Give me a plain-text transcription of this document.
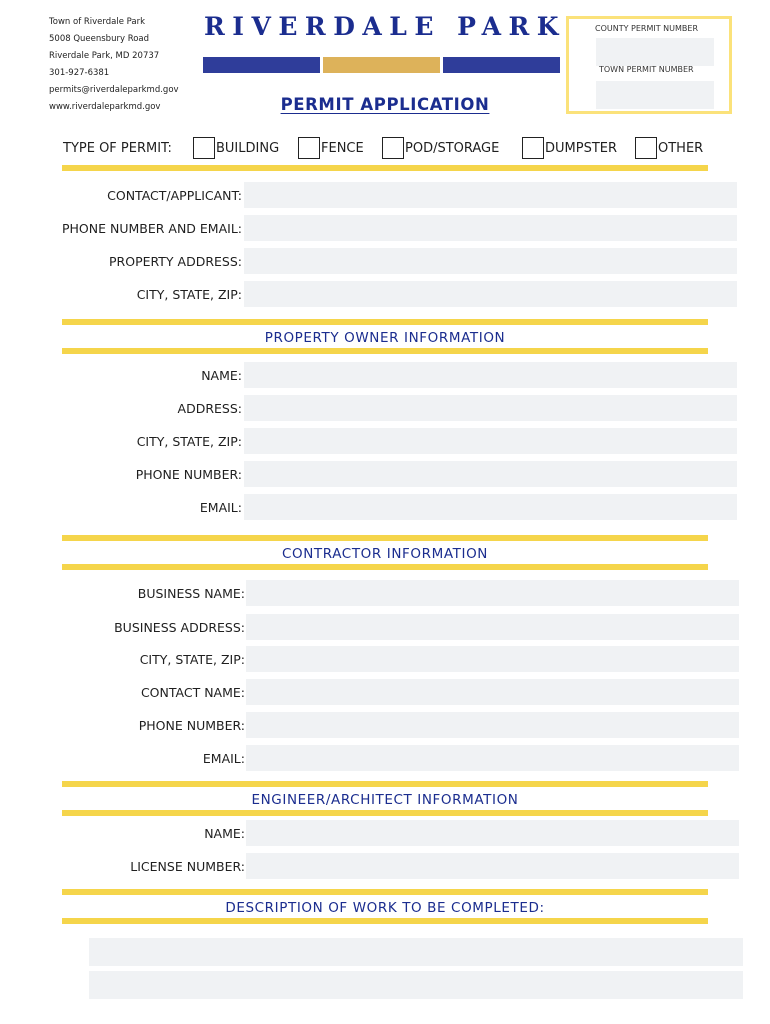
Town of Riverdale Park
5008 Queensbury Road
Riverdale Park, MD 20737
301-927-6381
permits@riverdaleparkmd.gov
www.riverdaleparkmd.gov
RIVERDALE PARK
PERMIT APPLICATION
COUNTY PERMIT NUMBER
TOWN PERMIT NUMBER
TYPE OF PERMIT:	BUILDING	FENCE	POD/STORAGE	DUMPSTER	OTHER
CONTACT/APPLICANT:
PHONE NUMBER AND EMAIL:
PROPERTY ADDRESS:
CITY, STATE, ZIP:
PROPERTY OWNER INFORMATION
NAME:
ADDRESS:
CITY, STATE, ZIP:
PHONE NUMBER:
EMAIL:
CONTRACTOR INFORMATION
BUSINESS NAME:
BUSINESS ADDRESS:
CITY, STATE, ZIP:
CONTACT NAME:
PHONE NUMBER:
EMAIL:
ENGINEER/ARCHITECT INFORMATION
NAME:
LICENSE NUMBER:
DESCRIPTION OF WORK TO BE COMPLETED:
